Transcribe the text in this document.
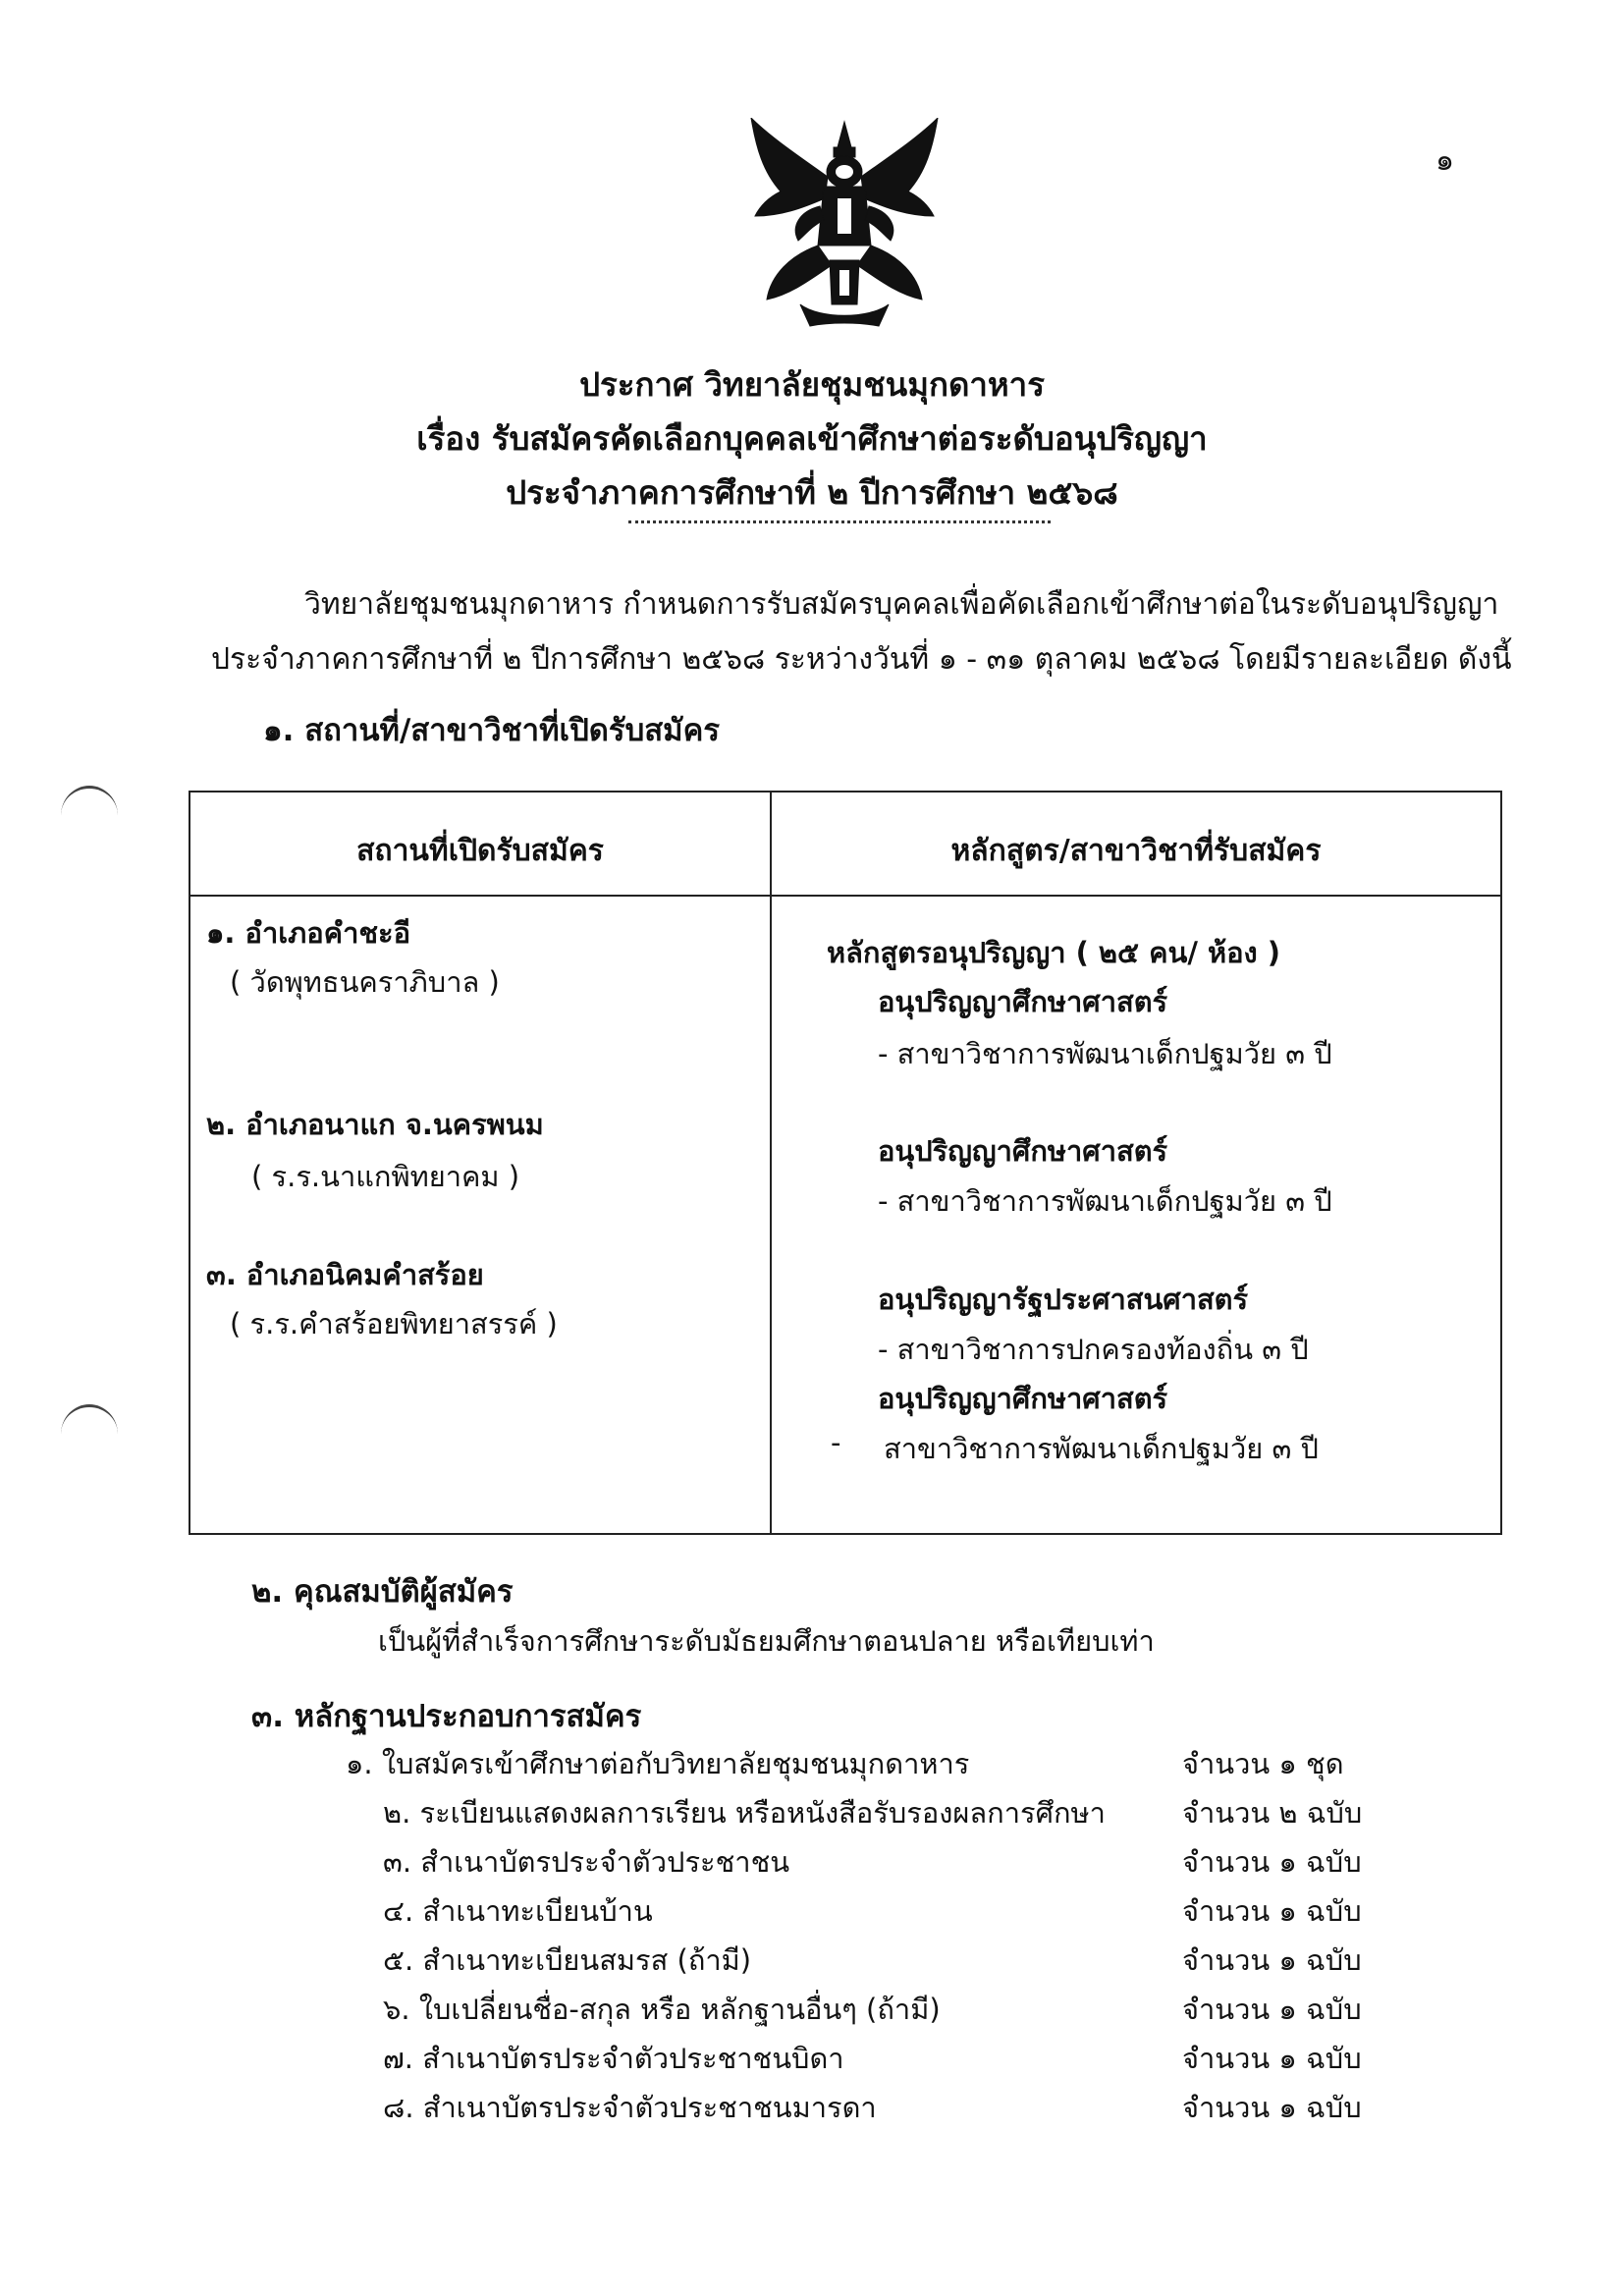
๑
ประกาศ วิทยาลัยชุมชนมุกดาหาร
เรื่อง รับสมัครคัดเลือกบุคคลเข้าศึกษาต่อระดับอนุปริญญา
ประจำภาคการศึกษาที่ ๒ ปีการศึกษา ๒๕๖๘
วิทยาลัยชุมชนมุกดาหาร กำหนดการรับสมัครบุคคลเพื่อคัดเลือกเข้าศึกษาต่อในระดับอนุปริญญา
ประจำภาคการศึกษาที่ ๒ ปีการศึกษา ๒๕๖๘ ระหว่างวันที่ ๑ - ๓๑ ตุลาคม ๒๕๖๘ โดยมีรายละเอียด ดังนี้
๑. สถานที่/สาขาวิชาที่เปิดรับสมัคร
สถานที่เปิดรับสมัคร	หลักสูตร/สาขาวิชาที่รับสมัคร
๑. อำเภอคำชะอี
( วัดพุทธนคราภิบาล )
๒. อำเภอนาแก จ.นครพนม
( ร.ร.นาแกพิทยาคม )
๓. อำเภอนิคมคำสร้อย
( ร.ร.คำสร้อยพิทยาสรรค์ )
หลักสูตรอนุปริญญา ( ๒๕ คน/ ห้อง )
อนุปริญญาศึกษาศาสตร์
- สาขาวิชาการพัฒนาเด็กปฐมวัย ๓ ปี
อนุปริญญาศึกษาศาสตร์
- สาขาวิชาการพัฒนาเด็กปฐมวัย ๓ ปี
อนุปริญญารัฐประศาสนศาสตร์
- สาขาวิชาการปกครองท้องถิ่น ๓ ปี
อนุปริญญาศึกษาศาสตร์
- สาขาวิชาการพัฒนาเด็กปฐมวัย ๓ ปี
๒. คุณสมบัติผู้สมัคร
เป็นผู้ที่สำเร็จการศึกษาระดับมัธยมศึกษาตอนปลาย หรือเทียบเท่า
๓. หลักฐานประกอบการสมัคร
๑. ใบสมัครเข้าศึกษาต่อกับวิทยาลัยชุมชนมุกดาหาร	จำนวน ๑ ชุด
๒. ระเบียนแสดงผลการเรียน หรือหนังสือรับรองผลการศึกษา	จำนวน ๒ ฉบับ
๓. สำเนาบัตรประจำตัวประชาชน	จำนวน ๑ ฉบับ
๔. สำเนาทะเบียนบ้าน	จำนวน ๑ ฉบับ
๕. สำเนาทะเบียนสมรส (ถ้ามี)	จำนวน ๑ ฉบับ
๖. ใบเปลี่ยนชื่อ-สกุล หรือ หลักฐานอื่นๆ (ถ้ามี)	จำนวน ๑ ฉบับ
๗. สำเนาบัตรประจำตัวประชาชนบิดา	จำนวน ๑ ฉบับ
๘. สำเนาบัตรประจำตัวประชาชนมารดา	จำนวน ๑ ฉบับ
